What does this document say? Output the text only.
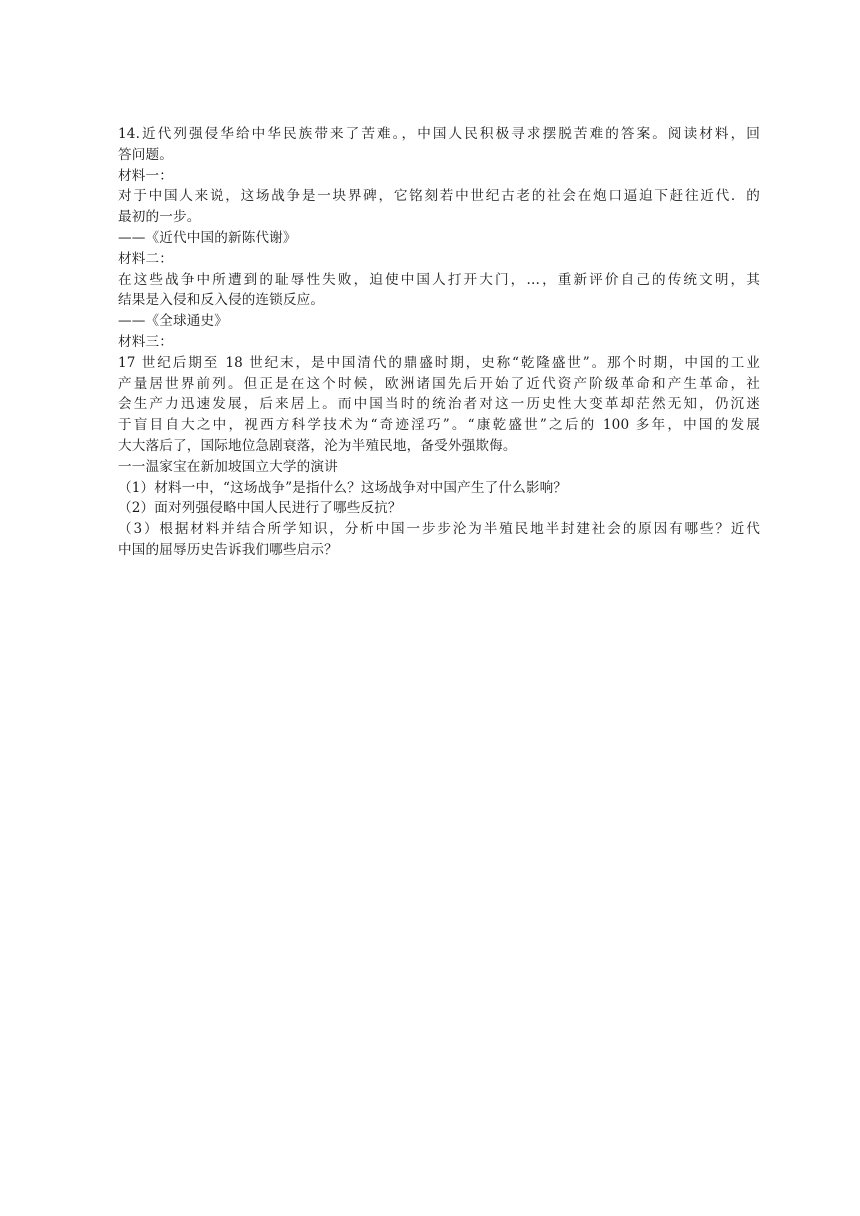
14.近代列强侵华给中华民族带来了苦难。，中国人民积极寻求摆脱苦难的答案。阅读材料，回
答问题。
材料一：
对于中国人来说，这场战争是一块界碑，它铭刻若中世纪古老的社会在炮口逼迫下赶往近代．的
最初的一步。
——《近代中国的新陈代谢》
材料二：
在这些战争中所遭到的耻辱性失败，迫使中国人打开大门，…，重新评价自己的传统文明，其
结果是入侵和反入侵的连锁反应。
——《全球通史》
材料三：
17 世纪后期至 18 世纪末，是中国清代的鼎盛时期，史称“乾隆盛世”。那个时期，中国的工业
产量居世界前列。但正是在这个时候，欧洲诸国先后开始了近代资产阶级革命和产生革命，社
会生产力迅速发展，后来居上。而中国当时的统治者对这一历史性大变革却茫然无知，仍沉迷
于盲目自大之中，视西方科学技术为“奇迹淫巧”。“康乾盛世”之后的 100 多年，中国的发展
大大落后了，国际地位急剧衰落，沦为半殖民地，备受外强欺侮。
一一温家宝在新加坡国立大学的演讲
（1）材料一中，“这场战争”是指什么？这场战争对中国产生了什么影响？
（2）面对列强侵略中国人民进行了哪些反抗？
（3）根据材料并结合所学知识，分析中国一步步沦为半殖民地半封建社会的原因有哪些？近代
中国的屈辱历史告诉我们哪些启示？
